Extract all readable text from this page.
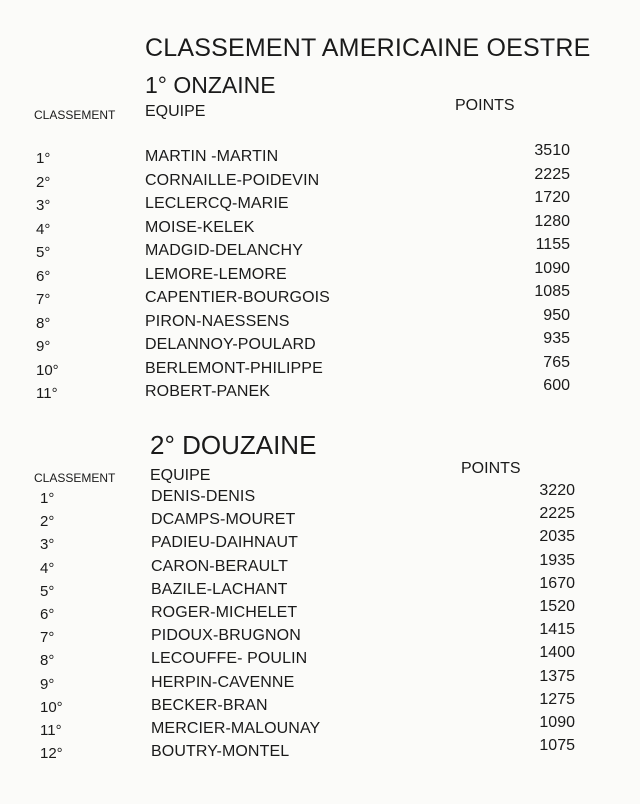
CLASSEMENT AMERICAINE OESTRE
1° ONZAINE
CLASSEMENT EQUIPE	POINTS
1°	MARTIN -MARTIN	3510
2°	CORNAILLE-POIDEVIN	2225
3°	LECLERCQ-MARIE	1720
4°	MOISE-KELEK	1280
5°	MADGID-DELANCHY	1155
6°	LEMORE-LEMORE	1090
7°	CAPENTIER-BOURGOIS	1085
8°	PIRON-NAESSENS	950
9°	DELANNOY-POULARD	935
10°	BERLEMONT-PHILIPPE	765
11°	ROBERT-PANEK	600
2° DOUZAINE
CLASSEMENT EQUIPE	POINTS
1°	DENIS-DENIS	3220
2°	DCAMPS-MOURET	2225
3°	PADIEU-DAIHNAUT	2035
4°	CARON-BERAULT	1935
5°	BAZILE-LACHANT	1670
6°	ROGER-MICHELET	1520
7°	PIDOUX-BRUGNON	1415
8°	LECOUFFE- POULIN	1400
9°	HERPIN-CAVENNE	1375
10°	BECKER-BRAN	1275
11°	MERCIER-MALOUNAY	1090
12°	BOUTRY-MONTEL	1075
